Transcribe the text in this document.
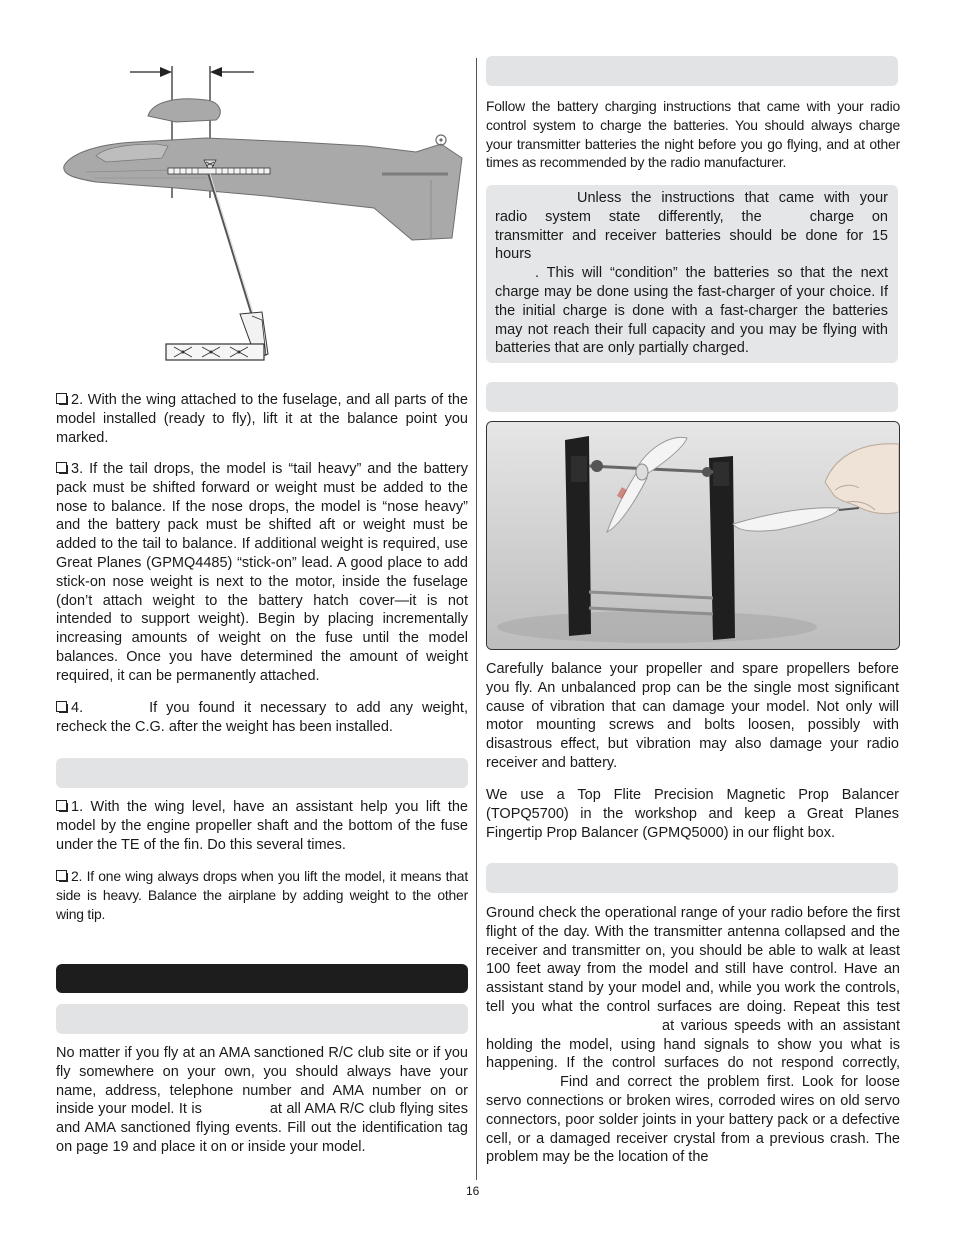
2. With the wing attached to the fuselage, and all parts of the model installed (ready to fly), lift it at the balance point you marked.

3. If the tail drops, the model is “tail heavy” and the battery pack must be shifted forward or weight must be added to the nose to balance. If the nose drops, the model is “nose heavy” and the battery pack must be shifted aft or weight must be added to the tail to balance. If additional weight is required, use Great Planes (GPMQ4485) “stick-on” lead. A good place to add stick-on nose weight is next to the motor, inside the fuselage (don’t attach weight to the battery hatch cover—it is not intended to support weight). Begin by placing incrementally increasing amounts of weight on the fuse until the model balances. Once you have determined the amount of weight required, it can be permanently attached.

4.	If you found it necessary to add any weight, recheck the C.G. after the weight has been installed.

1. With the wing level, have an assistant help you lift the model by the engine propeller shaft and the bottom of the fuse under the TE of the fin. Do this several times.

2. If one wing always drops when you lift the model, it means that side is heavy. Balance the airplane by adding weight to the other wing tip.

No matter if you fly at an AMA sanctioned R/C club site or if you fly somewhere on your own, you should always have your name, address, telephone number and AMA number on or inside your model. It is	at all AMA R/C club flying sites and AMA sanctioned flying events. Fill out the identification tag on page 19 and place it on or inside your model.

Follow the battery charging instructions that came with your radio control system to charge the batteries. You should always charge your transmitter batteries the night before you go flying, and at other times as recommended by the radio manufacturer.

Unless the instructions that came with your radio system state differently, the	charge on transmitter and receiver batteries should be done for 15 hours
. This will “condition” the batteries so that the next charge may be done using the fast-charger of your choice. If the initial charge is done with a fast-charger the batteries may not reach their full capacity and you may be flying with batteries that are only partially charged.

Carefully balance your propeller and spare propellers before you fly. An unbalanced prop can be the single most significant cause of vibration that can damage your model. Not only will motor mounting screws and bolts loosen, possibly with disastrous effect, but vibration may also damage your radio receiver and battery.

We use a Top Flite Precision Magnetic Prop Balancer (TOPQ5700) in the workshop and keep a Great Planes Fingertip Prop Balancer (GPMQ5000) in our flight box.

Ground check the operational range of your radio before the first flight of the day. With the transmitter antenna collapsed and the receiver and transmitter on, you should be able to walk at least 100 feet away from the model and still have control. Have an assistant stand by your model and, while you work the controls, tell you what the control surfaces are doing. Repeat this testat various speeds with an assistant holding the model, using hand signals to show you what is happening. If the control surfaces do not respond correctly,Find and correct the problem first. Look for loose servo connections or broken wires, corroded wires on old servo connectors, poor solder joints in your battery pack or a defective cell, or a damaged receiver crystal from a previous crash. The problem may be the location of the

16
